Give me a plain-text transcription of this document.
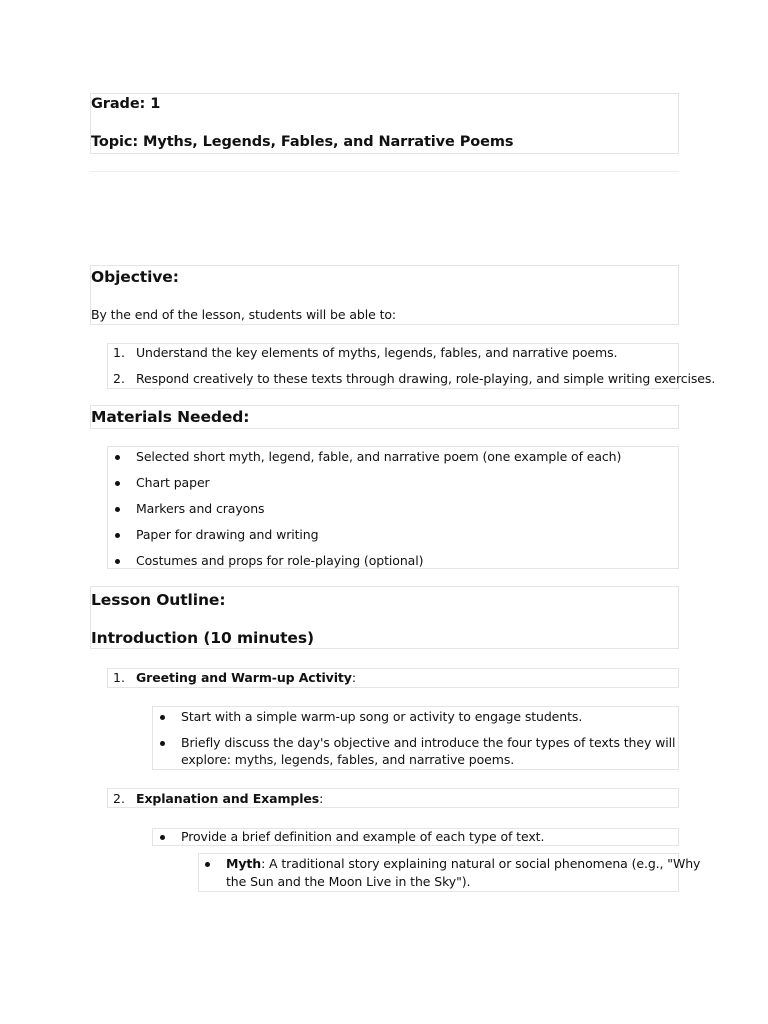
Grade: 1
Topic: Myths, Legends, Fables, and Narrative Poems
Objective:
By the end of the lesson, students will be able to:
1. Understand the key elements of myths, legends, fables, and narrative poems.
2. Respond creatively to these texts through drawing, role-playing, and simple writing exercises.
Materials Needed:
Selected short myth, legend, fable, and narrative poem (one example of each)
Chart paper
Markers and crayons
Paper for drawing and writing
Costumes and props for role-playing (optional)
Lesson Outline:
Introduction (10 minutes)
1. Greeting and Warm-up Activity:
Start with a simple warm-up song or activity to engage students.
Briefly discuss the day's objective and introduce the four types of texts they will
explore: myths, legends, fables, and narrative poems.
2. Explanation and Examples:
Provide a brief definition and example of each type of text.
Myth: A traditional story explaining natural or social phenomena (e.g., "Why
the Sun and the Moon Live in the Sky").
